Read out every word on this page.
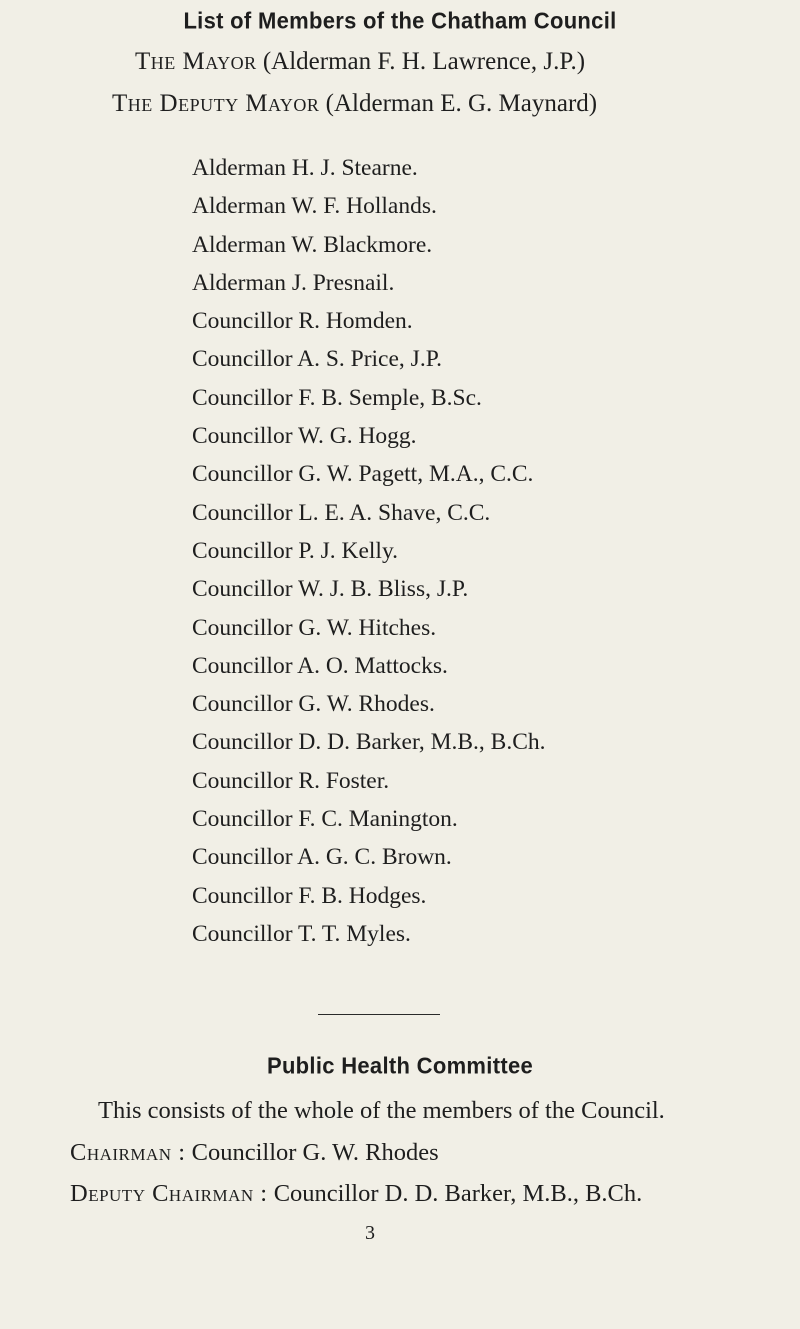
List of Members of the Chatham Council
The Mayor (Alderman F. H. Lawrence, J.P.)
The Deputy Mayor (Alderman E. G. Maynard)
Alderman H. J. Stearne.
Alderman W. F. Hollands.
Alderman W. Blackmore.
Alderman J. Presnail.
Councillor R. Homden.
Councillor A. S. Price, J.P.
Councillor F. B. Semple, B.Sc.
Councillor W. G. Hogg.
Councillor G. W. Pagett, M.A., C.C.
Councillor L. E. A. Shave, C.C.
Councillor P. J. Kelly.
Councillor W. J. B. Bliss, J.P.
Councillor G. W. Hitches.
Councillor A. O. Mattocks.
Councillor G. W. Rhodes.
Councillor D. D. Barker, M.B., B.Ch.
Councillor R. Foster.
Councillor F. C. Manington.
Councillor A. G. C. Brown.
Councillor F. B. Hodges.
Councillor T. T. Myles.
Public Health Committee
This consists of the whole of the members of the Council.
Chairman : Councillor G. W. Rhodes
Deputy Chairman : Councillor D. D. Barker, M.B., B.Ch.
3
